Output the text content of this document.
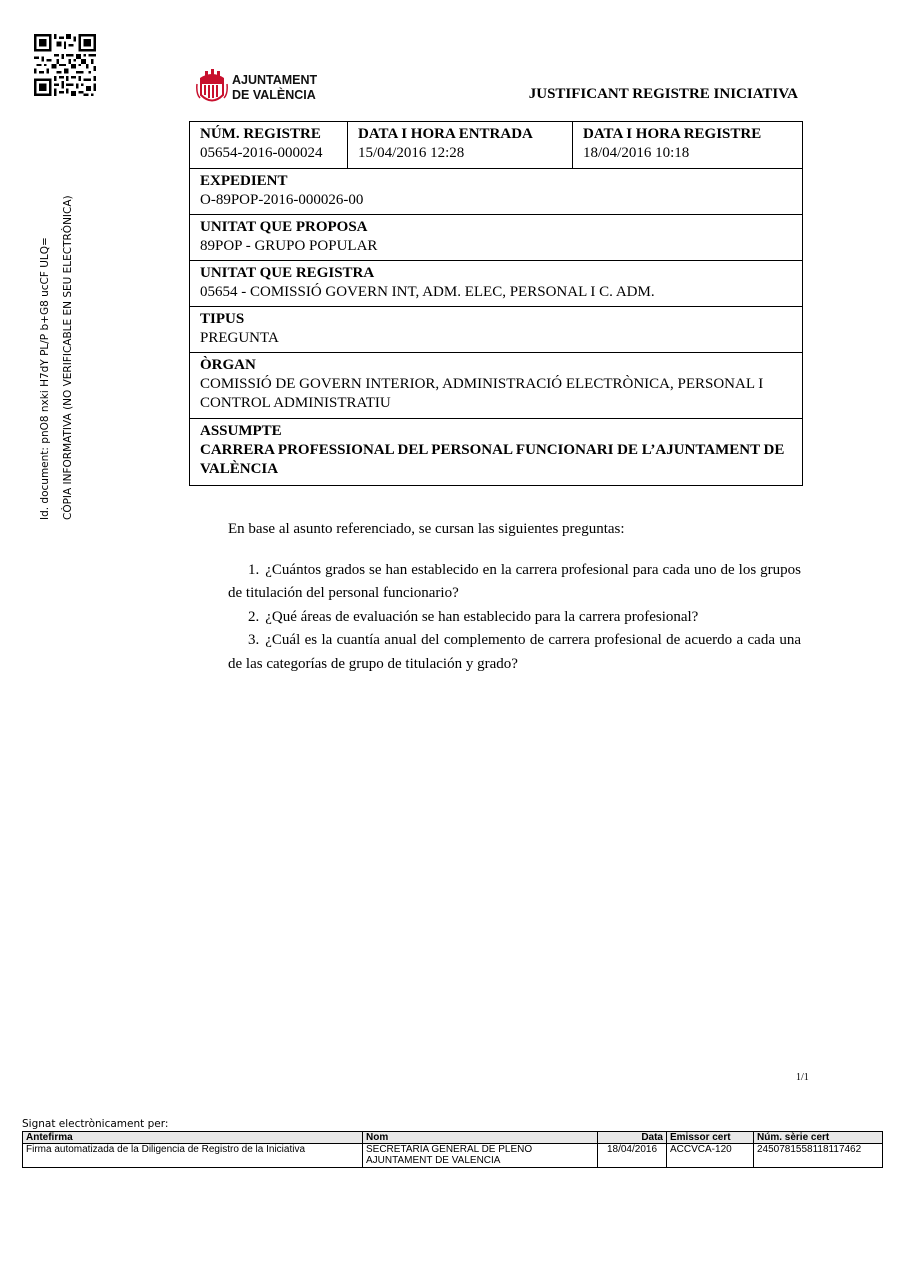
AJUNTAMENT
DE VALÈNCIA	JUSTIFICANT REGISTRE INICIATIVA
Id. document: pnO8 nxki H7dY PL/P b+G8 ucCF ULQ= CÒPIA INFORMATIVA (NO VERIFICABLE EN SEU ELECTRÒNICA)
NÚM. REGISTRE
05654-2016-000024

DATA I HORA ENTRADA
15/04/2016 12:28

DATA I HORA REGISTRE
18/04/2016 10:18

EXPEDIENT
O-89POP-2016-000026-00

UNITAT QUE PROPOSA
89POP - GRUPO POPULAR

UNITAT QUE REGISTRA
05654 - COMISSIÓ GOVERN INT, ADM. ELEC, PERSONAL I C. ADM.

TIPUS
PREGUNTA

ÒRGAN
COMISSIÓ DE GOVERN INTERIOR, ADMINISTRACIÓ ELECTRÒNICA, PERSONAL I CONTROL ADMINISTRATIU

ASSUMPTE
CARRERA PROFESSIONAL DEL PERSONAL FUNCIONARI DE L’AJUNTAMENT DE VALÈNCIA

En base al asunto referenciado, se cursan las siguientes preguntas:

1. ¿Cuántos grados se han establecido en la carrera profesional para cada uno de los grupos de titulación del personal funcionario?

2. ¿Qué áreas de evaluación se han establecido para la carrera profesional?

3. ¿Cuál es la cuantía anual del complemento de carrera profesional de acuerdo a cada una de las categorías de grupo de titulación y grado?

1/1
Signat electrònicament per:
Antefirma	Nom	Data	Emissor cert	Núm. sèrie cert
Firma automatizada de la Diligencia de Registro de la Iniciativa	SECRETARIA GENERAL DE PLENO
AJUNTAMENT DE VALENCIA	18/04/2016	ACCVCA-120	2450781558118117462
